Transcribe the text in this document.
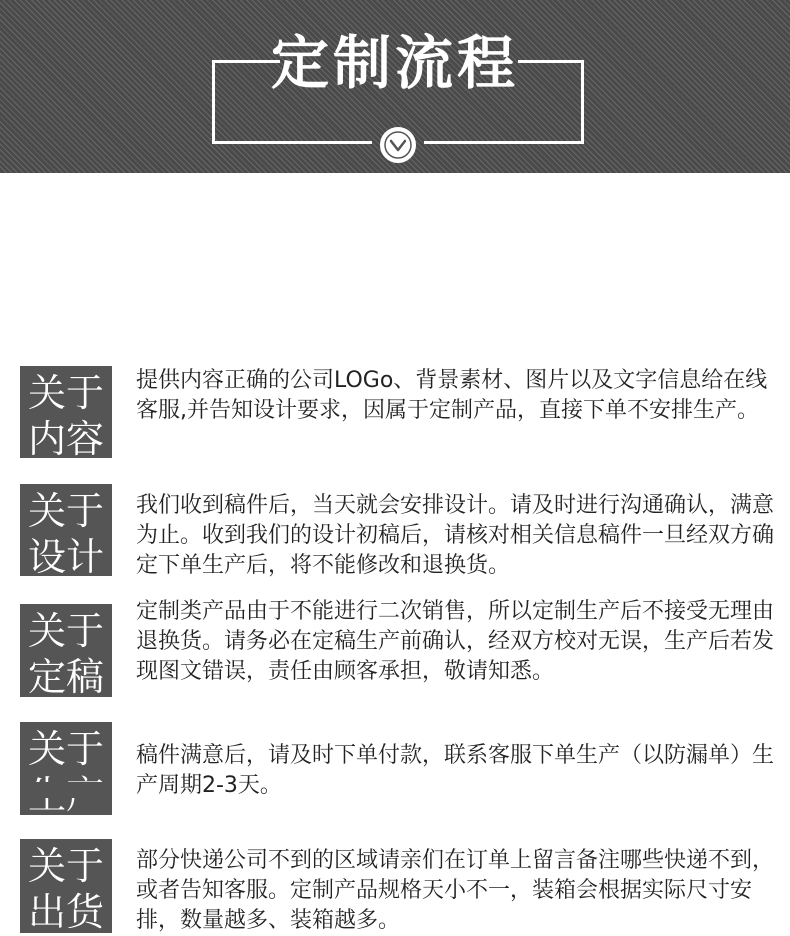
定制流程
关于
内容
提供内容正确的公司LOGo、背景素材、图片以及文字信息给在线客服,并告知设计要求，因属于定制产品，直接下单不安排生产。
关于
设计
我们收到稿件后，当天就会安排设计。请及时进行沟通确认，满意为止。收到我们的设计初稿后，请核对相关信息稿件一旦经双方确定下单生产后，将不能修改和退换货。
关于
定稿
定制类产品由于不能进行二次销售，所以定制生产后不接受无理由退换货。请务必在定稿生产前确认，经双方校对无误，生产后若发现图文错误，责任由顾客承担，敬请知悉。
关于	稿件满意后，请及时下单付款，联系客服下单生产（以防漏单）生产周期2-3天。
关于
出货
部分快递公司不到的区域请亲们在订单上留言备注哪些快递不到，或者告知客服。定制产品规格天小不一，装箱会根据实际尺寸安排，数量越多、装箱越多。
